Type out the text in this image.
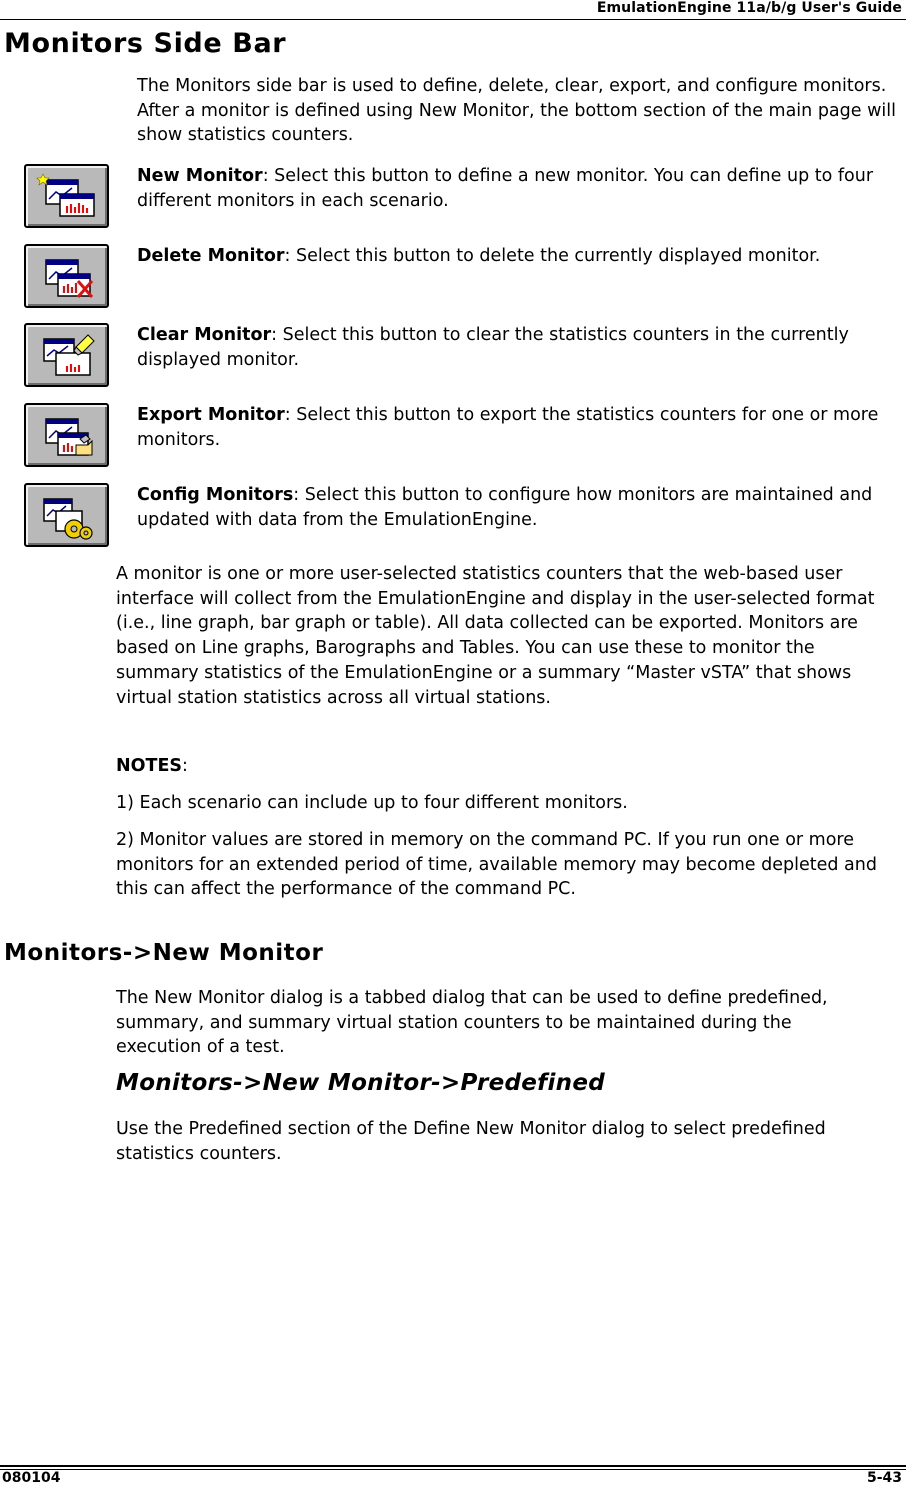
EmulationEngine 11a/b/g User's Guide
Monitors Side Bar

The Monitors side bar is used to define, delete, clear, export, and configure monitors. After a monitor is defined using New Monitor, the bottom section of the main page will show statistics counters.

New Monitor: Select this button to define a new monitor. You can define up to four different monitors in each scenario.

Delete Monitor: Select this button to delete the currently displayed monitor.

Clear Monitor: Select this button to clear the statistics counters in the currently displayed monitor.

Export Monitor: Select this button to export the statistics counters for one or more monitors.

Config Monitors: Select this button to configure how monitors are maintained and updated with data from the EmulationEngine.

A monitor is one or more user-selected statistics counters that the web-based user interface will collect from the EmulationEngine and display in the user-selected format (i.e., line graph, bar graph or table). All data collected can be exported. Monitors are based on Line graphs, Barographs and Tables. You can use these to monitor the summary statistics of the EmulationEngine or a summary “Master vSTA” that shows virtual station statistics across all virtual stations.

NOTES:

1) Each scenario can include up to four different monitors.

2) Monitor values are stored in memory on the command PC. If you run one or more monitors for an extended period of time, available memory may become depleted and this can affect the performance of the command PC.

Monitors->New Monitor

The New Monitor dialog is a tabbed dialog that can be used to define predefined, summary, and summary virtual station counters to be maintained during the execution of a test.

Monitors->New Monitor->Predefined

Use the Predefined section of the Define New Monitor dialog to select predefined statistics counters.

080104	5-43
